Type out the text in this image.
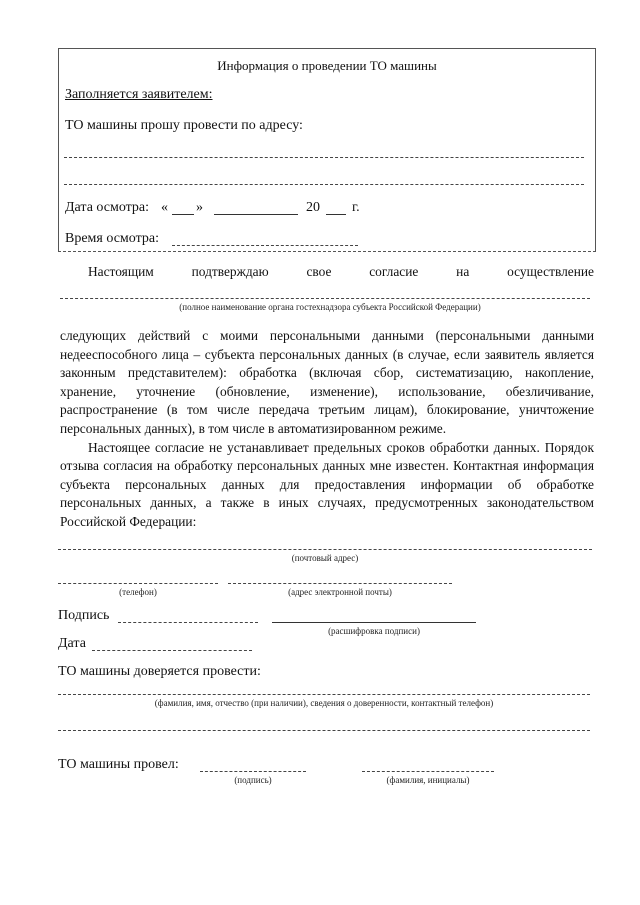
Информация о проведении ТО машины
Заполняется заявителем:
ТО машины прошу провести по адресу:
Дата осмотра: « »	20 г.
Время осмотра:
Настоящим	подтверждаю	свое	согласие	на	осуществление
(полное наименование органа гостехнадзора субъекта Российской Федерации)

следующих действий с моими персональными данными (персональными данными недееспособного лица – субъекта персональных данных (в случае, если заявитель является законным представителем): обработка (включая сбор, систематизацию, накопление, хранение, уточнение (обновление, изменение), использование, обезличивание, распространение (в том числе передача третьим лицам), блокирование, уничтожение персональных данных), в том числе в автоматизированном режиме.

Настоящее согласие не устанавливает предельных сроков обработки данных. Порядок отзыва согласия на обработку персональных данных мне известен. Контактная информация субъекта персональных данных для предоставления информации об обработке персональных данных, а также в иных случаях, предусмотренных законодательством Российской Федерации:

(почтовый адрес)
(телефон)	(адрес электронной почты)
Подпись
(расшифровка подписи)
Дата
ТО машины доверяется провести:
(фамилия, имя, отчество (при наличии), сведения о доверенности, контактный телефон)
ТО машины провел:
(подпись)	(фамилия, инициалы)
